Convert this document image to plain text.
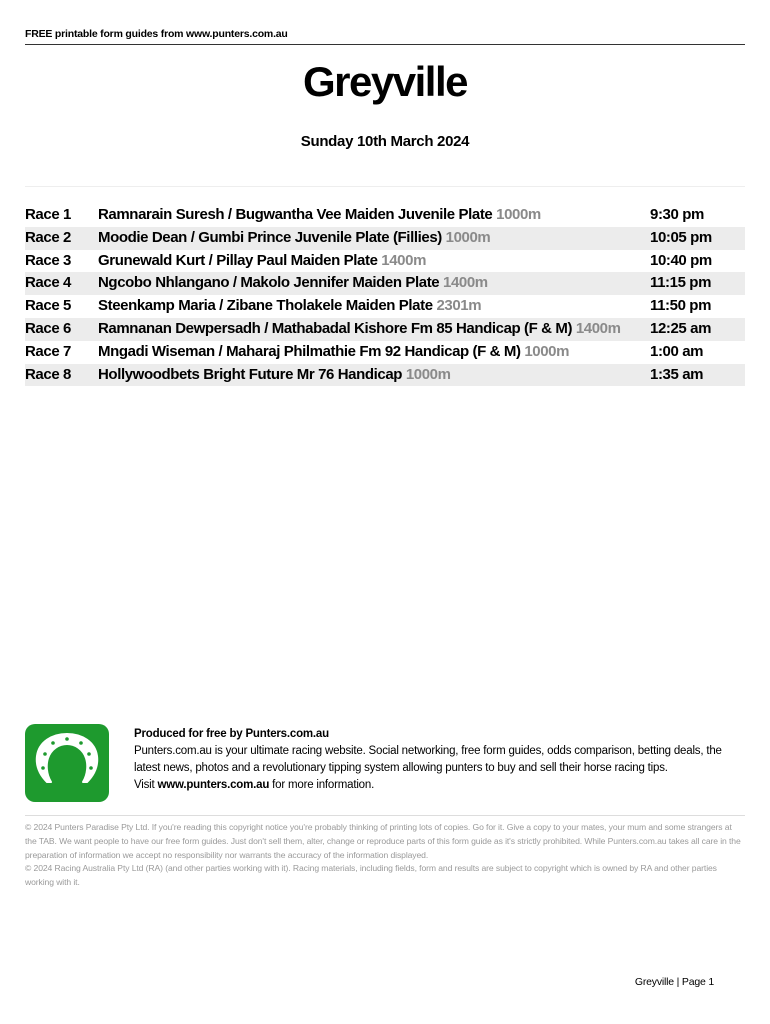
FREE printable form guides from www.punters.com.au
Greyville
Sunday 10th March 2024
Race 1	Ramnarain Suresh / Bugwantha Vee Maiden Juvenile Plate 1000m	9:30 pm
Race 2	Moodie Dean / Gumbi Prince Juvenile Plate (Fillies) 1000m	10:05 pm
Race 3	Grunewald Kurt / Pillay Paul Maiden Plate 1400m	10:40 pm
Race 4	Ngcobo Nhlangano / Makolo Jennifer Maiden Plate 1400m	11:15 pm
Race 5	Steenkamp Maria / Zibane Tholakele Maiden Plate 2301m	11:50 pm
Race 6	Ramnanan Dewpersadh / Mathabadal Kishore Fm 85 Handicap (F & M) 1400m	12:25 am
Race 7	Mngadi Wiseman / Maharaj Philmathie Fm 92 Handicap (F & M) 1000m	1:00 am
Race 8	Hollywoodbets Bright Future Mr 76 Handicap 1000m	1:35 am
Produced for free by Punters.com.au
Punters.com.au is your ultimate racing website. Social networking, free form guides, odds comparison, betting deals, the latest news, photos and a revolutionary tipping system allowing punters to buy and sell their horse racing tips.
Visit www.punters.com.au for more information.
© 2024 Punters Paradise Pty Ltd. If you're reading this copyright notice you're probably thinking of printing lots of copies. Go for it. Give a copy to your mates, your mum and some strangers at the TAB. We want people to have our free form guides. Just don't sell them, alter, change or reproduce parts of this form guide as it's strictly prohibited. While Punters.com.au takes all care in the preparation of information we accept no responsibility nor warrants the accuracy of the information displayed.
© 2024 Racing Australia Pty Ltd (RA) (and other parties working with it). Racing materials, including fields, form and results are subject to copyright which is owned by RA and other parties working with it.
Greyville | Page 1
